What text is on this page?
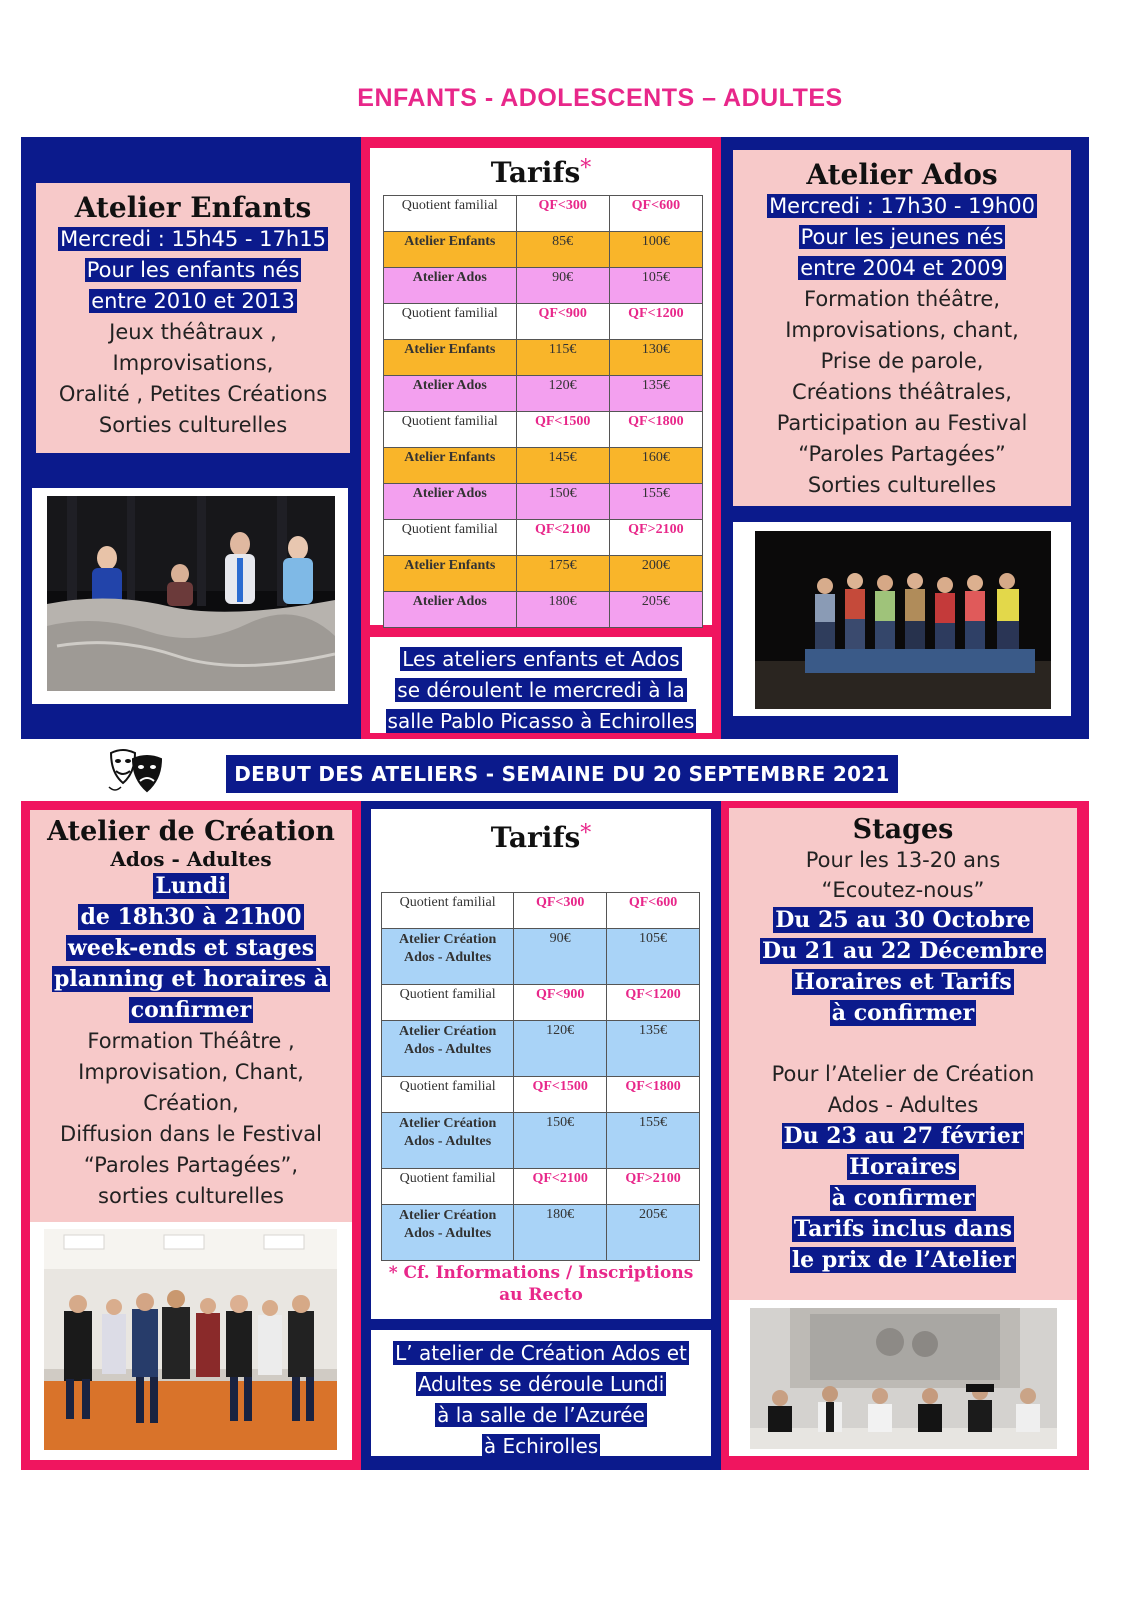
ENFANTS - ADOLESCENTS – ADULTES
Atelier Enfants
Mercredi : 15h45 - 17h15
Pour les enfants nés
entre 2010 et 2013
Jeux théâtraux ,
Improvisations,
Oralité , Petites Créations
Sorties culturelles
Tarifs*
Quotient familial	QF<300	QF<600
Atelier Enfants	85€	100€
Atelier Ados	90€	105€
Quotient familial	QF<900	QF<1200
Atelier Enfants	115€	130€
Atelier Ados	120€	135€
Quotient familial	QF<1500	QF<1800
Atelier Enfants	145€	160€
Atelier Ados	150€	155€
Quotient familial	QF<2100	QF>2100
Atelier Enfants	175€	200€
Atelier Ados	180€	205€
Les ateliers enfants et Ados
se déroulent le mercredi à la
salle Pablo Picasso à Echirolles
Atelier Ados
Mercredi : 17h30 - 19h00
Pour les jeunes nés
entre 2004 et 2009
Formation théâtre,
Improvisations, chant,
Prise de parole,
Créations théâtrales,
Participation au Festival
“Paroles Partagées”
Sorties culturelles
DEBUT DES ATELIERS - SEMAINE DU 20 SEPTEMBRE 2021
Atelier de Création
Ados - Adultes
Lundi
de 18h30 à 21h00
week-ends et stages
planning et horaires à
confirmer
Formation Théâtre ,
Improvisation, Chant,
Création,
Diffusion dans le Festival
“Paroles Partagées”,
sorties culturelles
Tarifs*
* Cf. Informations / Inscriptions
au Recto
Quotient familial	QF<300	QF<600

Atelier Création
Ados - Adultes	90€	105€
Quotient familial	QF<900	QF<1200

Atelier Création
Ados - Adultes	120€	135€
Quotient familial	QF<1500	QF<1800

Atelier Création
Ados - Adultes	150€	155€
Quotient familial	QF<2100	QF>2100

Atelier Création
Ados - Adultes	180€	205€
L’ atelier de Création Ados et
Adultes se déroule Lundi
à la salle de l’Azurée
à Echirolles
Stages
Pour les 13-20 ans
“Ecoutez-nous”
Du 25 au 30 Octobre
Du 21 au 22 Décembre
Horaires et Tarifs
à confirmer
Pour l’Atelier de Création
Ados - Adultes
Du 23 au 27 février
Horaires
à confirmer
Tarifs inclus dans
le prix de l’Atelier
